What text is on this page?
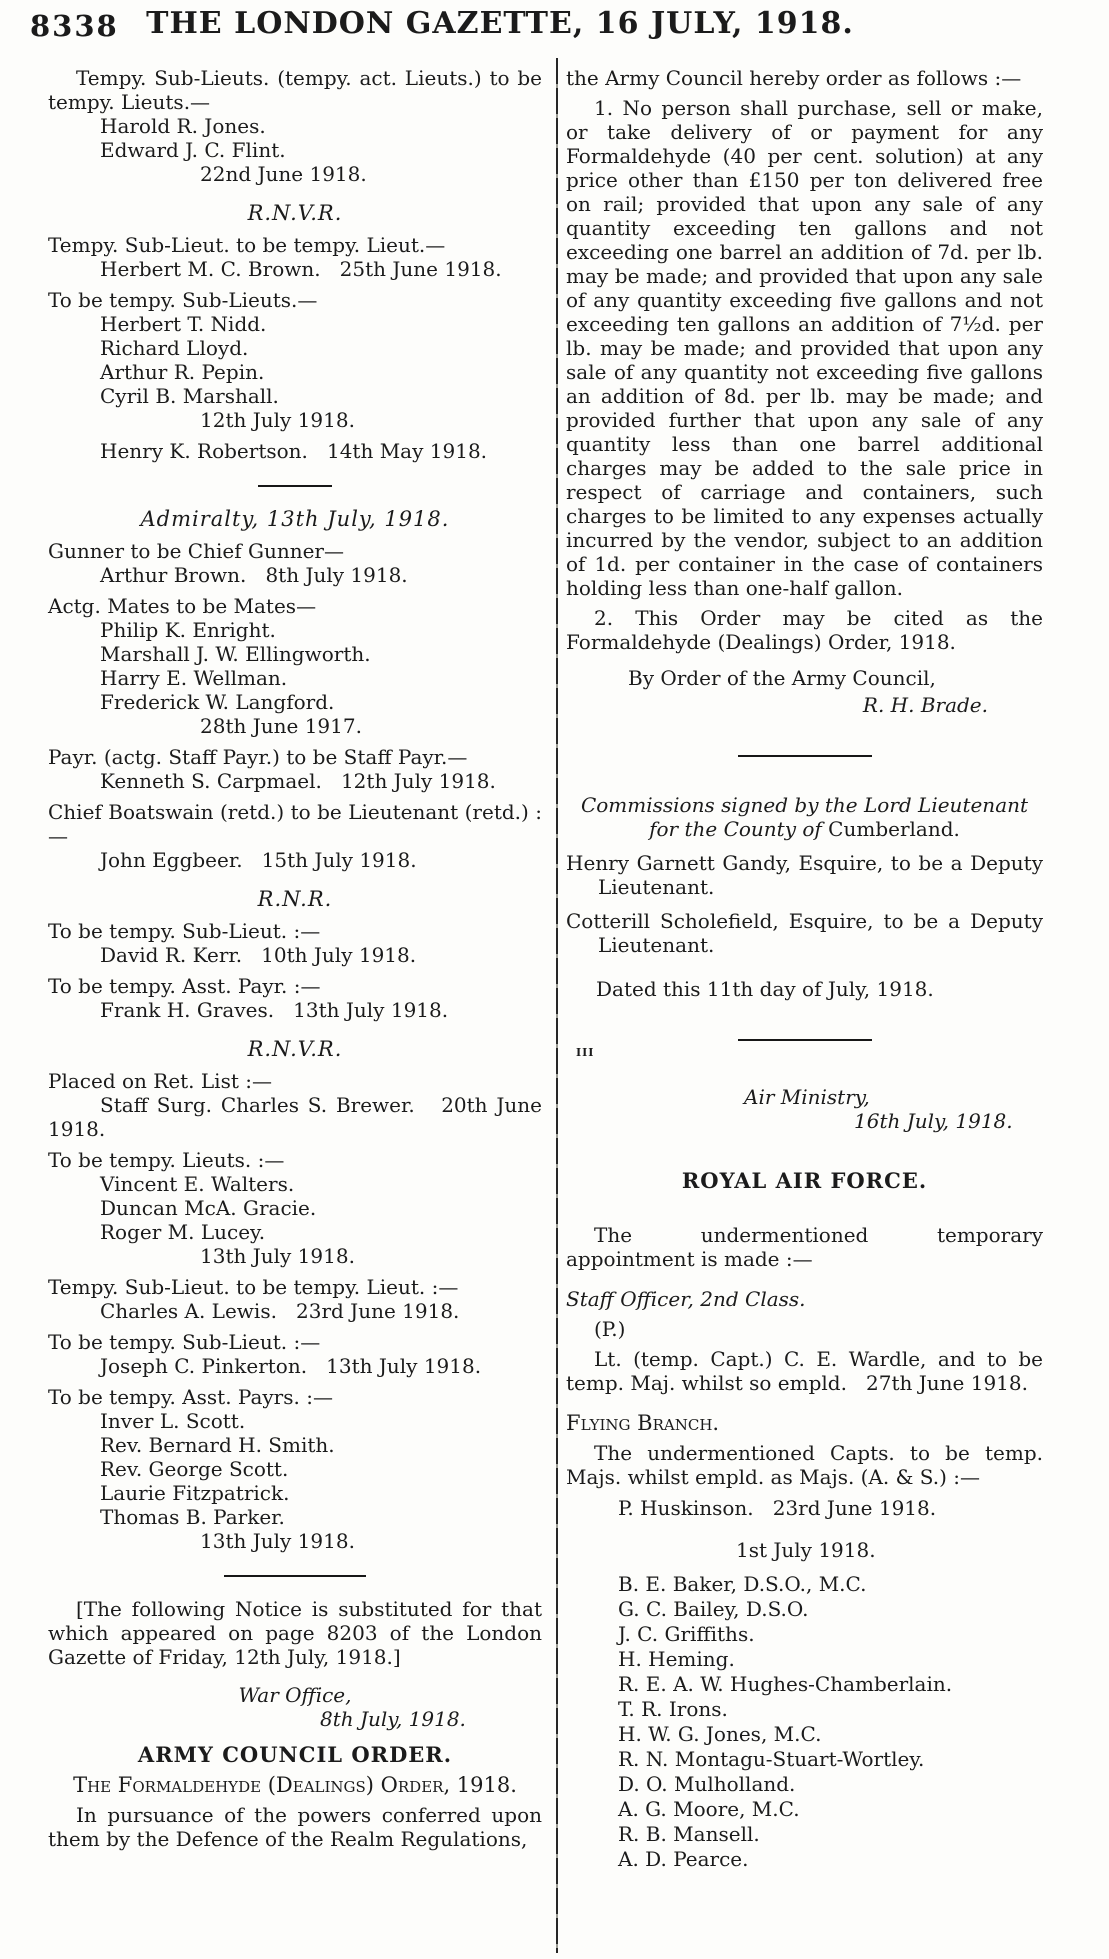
8338 THE LONDON GAZETTE, 16 JULY, 1918.
III

Tempy. Sub-Lieuts. (tempy. act. Lieuts.) to be tempy. Lieuts.—

Harold R. Jones.

Edward J. C. Flint.

22nd June 1918.

R.N.V.R.

Tempy. Sub-Lieut. to be tempy. Lieut.—

Herbert M. C. Brown.   25th June 1918.

To be tempy. Sub-Lieuts.—

Herbert T. Nidd.

Richard Lloyd.

Arthur R. Pepin.

Cyril B. Marshall.

12th July 1918.

Henry K. Robertson.   14th May 1918.

Admiralty, 13th July, 1918.

Gunner to be Chief Gunner—

Arthur Brown.   8th July 1918.

Actg. Mates to be Mates—

Philip K. Enright.

Marshall J. W. Ellingworth.

Harry E. Wellman.

Frederick W. Langford.

28th June 1917.

Payr. (actg. Staff Payr.) to be Staff Payr.—

Kenneth S. Carpmael.   12th July 1918.

Chief Boatswain (retd.) to be Lieutenant (retd.) :—

John Eggbeer.   15th July 1918.

R.N.R.

To be tempy. Sub-Lieut. :—

David R. Kerr.   10th July 1918.

To be tempy. Asst. Payr. :—

Frank H. Graves.   13th July 1918.

R.N.V.R.

Placed on Ret. List :—

Staff Surg. Charles S. Brewer.   20th June 1918.

To be tempy. Lieuts. :—

Vincent E. Walters.

Duncan McA. Gracie.

Roger M. Lucey.

13th July 1918.

Tempy. Sub-Lieut. to be tempy. Lieut. :—

Charles A. Lewis.   23rd June 1918.

To be tempy. Sub-Lieut. :—

Joseph C. Pinkerton.   13th July 1918.

To be tempy. Asst. Payrs. :—

Inver L. Scott.

Rev. Bernard H. Smith.

Rev. George Scott.

Laurie Fitzpatrick.

Thomas B. Parker.

13th July 1918.

[The following Notice is substituted for that which appeared on page 8203 of the London Gazette of Friday, 12th July, 1918.]

War Office,

8th July, 1918.

ARMY COUNCIL ORDER.

The Formaldehyde (Dealings) Order, 1918.

In pursuance of the powers conferred upon them by the Defence of the Realm Regulations,

the Army Council hereby order as follows :—

1. No person shall purchase, sell or make, or take delivery of or payment for any Formaldehyde (40 per cent. solution) at any price other than £150 per ton delivered free on rail; provided that upon any sale of any quantity exceeding ten gallons and not exceeding one barrel an addition of 7d. per lb. may be made; and provided that upon any sale of any quantity exceeding five gallons and not exceeding ten gallons an addition of 7½d. per lb. may be made; and provided that upon any sale of any quantity not exceeding five gallons an addition of 8d. per lb. may be made; and provided further that upon any sale of any quantity less than one barrel additional charges may be added to the sale price in respect of carriage and containers, such charges to be limited to any expenses actually incurred by the vendor, subject to an addition of 1d. per container in the case of containers holding less than one-half gallon.

2. This Order may be cited as the Formaldehyde (Dealings) Order, 1918.

By Order of the Army Council,

R. H. Brade.

Commissions signed by the Lord Lieutenant

for the County of Cumberland.

Henry Garnett Gandy, Esquire, to be a Deputy Lieutenant.

Cotterill Scholefield, Esquire, to be a Deputy Lieutenant.

Dated this 11th day of July, 1918.

Air Ministry,

16th July, 1918.

ROYAL AIR FORCE.

The undermentioned temporary appointment is made :—

Staff Officer, 2nd Class.

(P.)

Lt. (temp. Capt.) C. E. Wardle, and to be temp. Maj. whilst so empld.   27th June 1918.

Flying Branch.

The undermentioned Capts. to be temp. Majs. whilst empld. as Majs. (A. & S.) :—

P. Huskinson.   23rd June 1918.

1st July 1918.

B. E. Baker, D.S.O., M.C.

G. C. Bailey, D.S.O.

J. C. Griffiths.

H. Heming.

R. E. A. W. Hughes-Chamberlain.

T. R. Irons.

H. W. G. Jones, M.C.

R. N. Montagu-Stuart-Wortley.

D. O. Mulholland.

A. G. Moore, M.C.

R. B. Mansell.

A. D. Pearce.
